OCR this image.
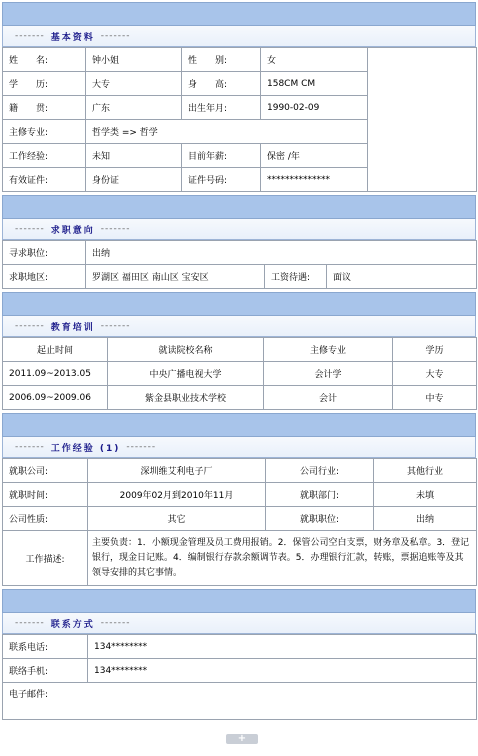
------- 基本资料 -------
姓　　名:	钟小姐	性　　别:	女	
学　　历:	大专	身　　高:	158CM CM	
籍　　贯:	广东	出生年月:	1990-02-09	
主修专业:	哲学类 => 哲学			
工作经验:	未知	目前年薪:	保密 /年	
有效证件:	身份证	证件号码:	**************	
------- 求职意向 -------
寻求职位:	出纳		
求职地区:	罗湖区 福田区 南山区 宝安区	工资待遇:	面议
------- 教育培训 -------
起止时间	就读院校名称	主修专业	学历
2011.09~2013.05	中央广播电视大学	会计学	大专
2006.09~2009.06	紫金县职业技术学校	会计	中专
------- 工作经验 (1) -------
就职公司:	深圳维艾利电子厂	公司行业:	其他行业
就职时间:	2009年02月到2010年11月	就职部门:	未填
公司性质:	其它	就职职位:	出纳
工作描述:	主要负责：1．小额现金管理及员工费用报销。2．保管公司空白支票，财务章及私章。3．登记银行，现金日记账。4．编制银行存款余额调节表。5．办理银行汇款，转账，票据追账等及其领导安排的其它事情。		
------- 联系方式 -------
联系电话:	134********
联络手机:	134********
电子邮件:	
+
